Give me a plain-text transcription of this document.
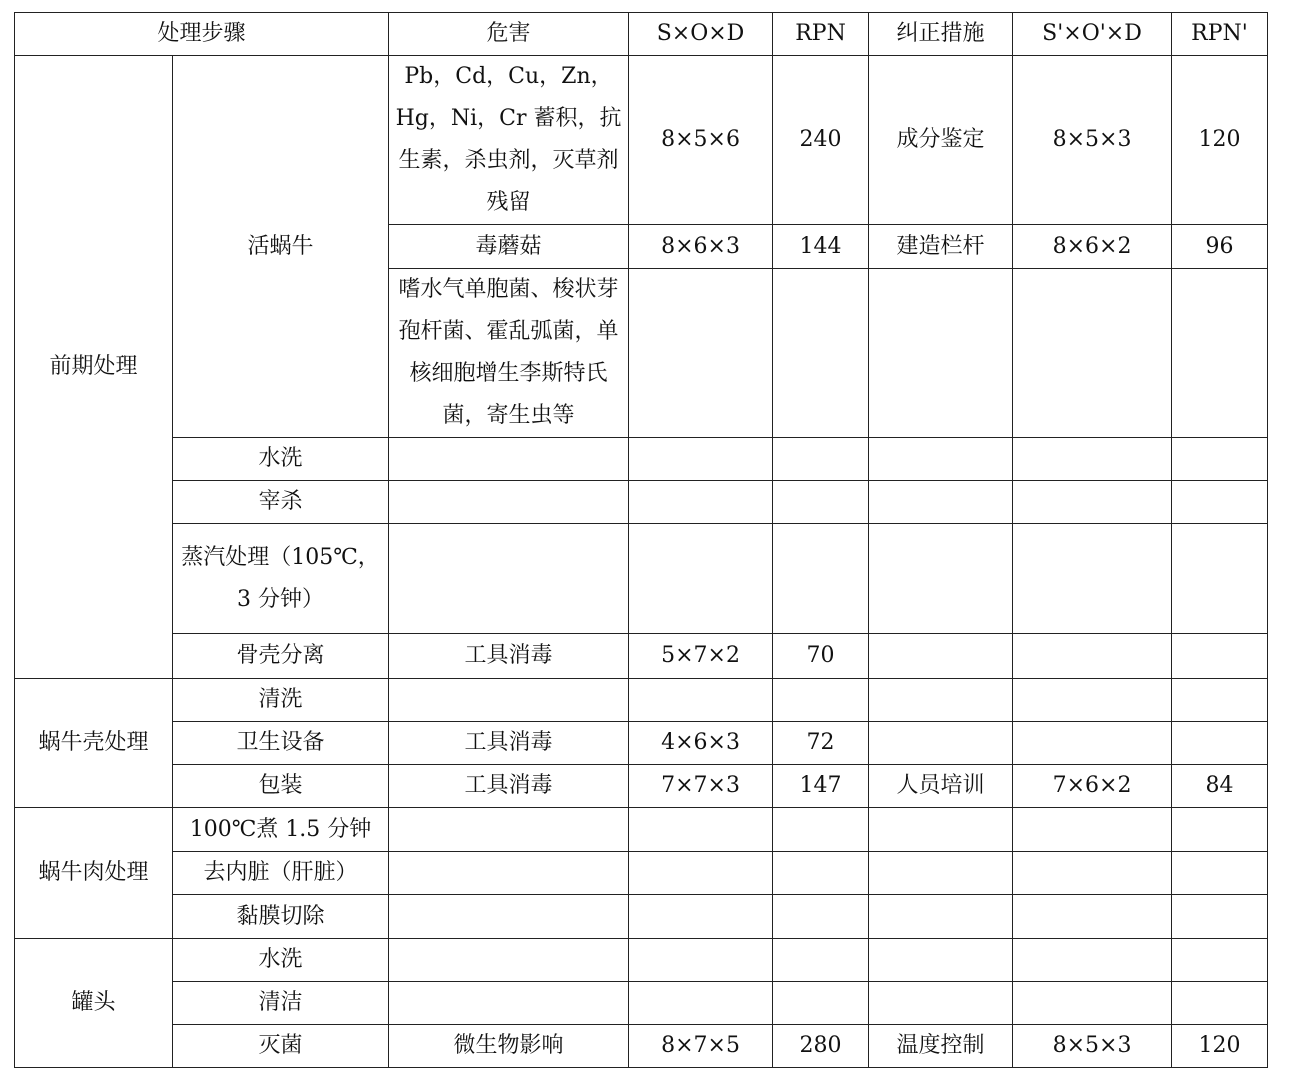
处理步骤		危害	S×O×D	RPN	纠正措施	S'×O'×D	RPN'
前期处理	活蜗牛	Pb，Cd，Cu，Zn，Hg，Ni，Cr 蓄积，抗生素，杀虫剂，灭草剂残留	8×5×6	240	成分鉴定	8×5×3	120
		毒蘑菇	8×6×3	144	建造栏杆	8×6×2	96
		嗜水气单胞菌、梭状芽孢杆菌、霍乱弧菌，单核细胞增生李斯特氏菌，寄生虫等					
	水洗						
	宰杀						
	蒸汽处理（105℃，3 分钟）						
	骨壳分离	工具消毒	5×7×2	70			
蜗牛壳处理	清洗						
	卫生设备	工具消毒	4×6×3	72			
	包装	工具消毒	7×7×3	147	人员培训	7×6×2	84
蜗牛肉处理	100℃煮 1.5 分钟						
	去内脏（肝脏）						
	黏膜切除						
罐头	水洗						
	清洁						
	灭菌	微生物影响	8×7×5	280	温度控制	8×5×3	120
